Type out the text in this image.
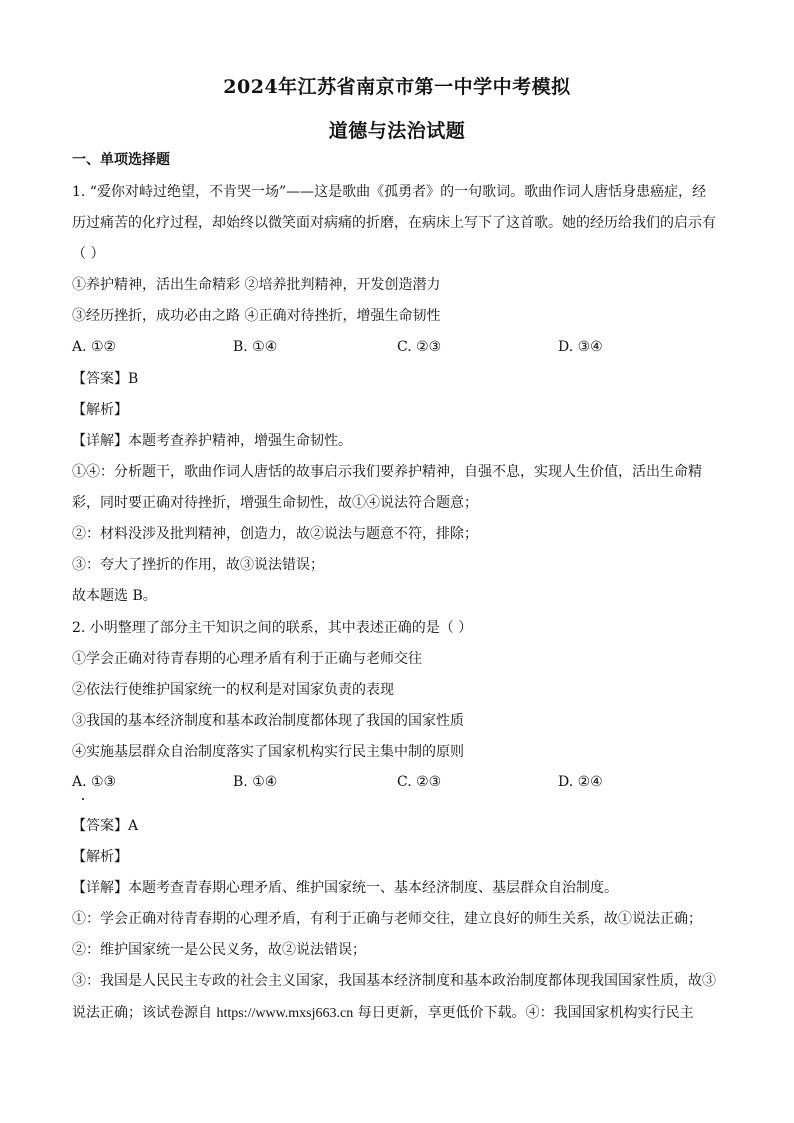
2024年江苏省南京市第一中学中考模拟
道德与法治试题
一、单项选择题
1. “爱你对峙过绝望，不肯哭一场”——这是歌曲《孤勇者》的一句歌词。歌曲作词人唐恬身患癌症，经
历过痛苦的化疗过程，却始终以微笑面对病痛的折磨，在病床上写下了这首歌。她的经历给我们的启示有
（ ）
①养护精神，活出生命精彩 ②培养批判精神，开发创造潜力
③经历挫折，成功必由之路 ④正确对待挫折，增强生命韧性
A. ①②	B. ①④	C. ②③	D. ③④
【答案】B
【解析】
【详解】本题考查养护精神，增强生命韧性。
①④：分析题干，歌曲作词人唐恬的故事启示我们要养护精神，自强不息，实现人生价值，活出生命精
彩，同时要正确对待挫折，增强生命韧性，故①④说法符合题意；
②：材料没涉及批判精神，创造力，故②说法与题意不符，排除；
③：夸大了挫折的作用，故③说法错误；
故本题选 B。
2. 小明整理了部分主干知识之间的联系，其中表述正确的是（ ）
①学会正确对待青春期的心理矛盾有利于正确与老师交往
②依法行使维护国家统一的权利是对国家负责的表现
③我国的基本经济制度和基本政治制度都体现了我国的国家性质
④实施基层群众自治制度落实了国家机构实行民主集中制的原则
A. ①③	B. ①④	C. ②③	D. ②④
【答案】A
【解析】
【详解】本题考查青春期心理矛盾、维护国家统一、基本经济制度、基层群众自治制度。
①：学会正确对待青春期的心理矛盾，有利于正确与老师交往，建立良好的师生关系，故①说法正确；
②：维护国家统一是公民义务，故②说法错误；
③：我国是人民民主专政的社会主义国家，我国基本经济制度和基本政治制度都体现我国国家性质，故③
说法正确；该试卷源自 https://www.mxsj663.cn 每日更新，享更低价下载。④：我国国家机构实行民主
